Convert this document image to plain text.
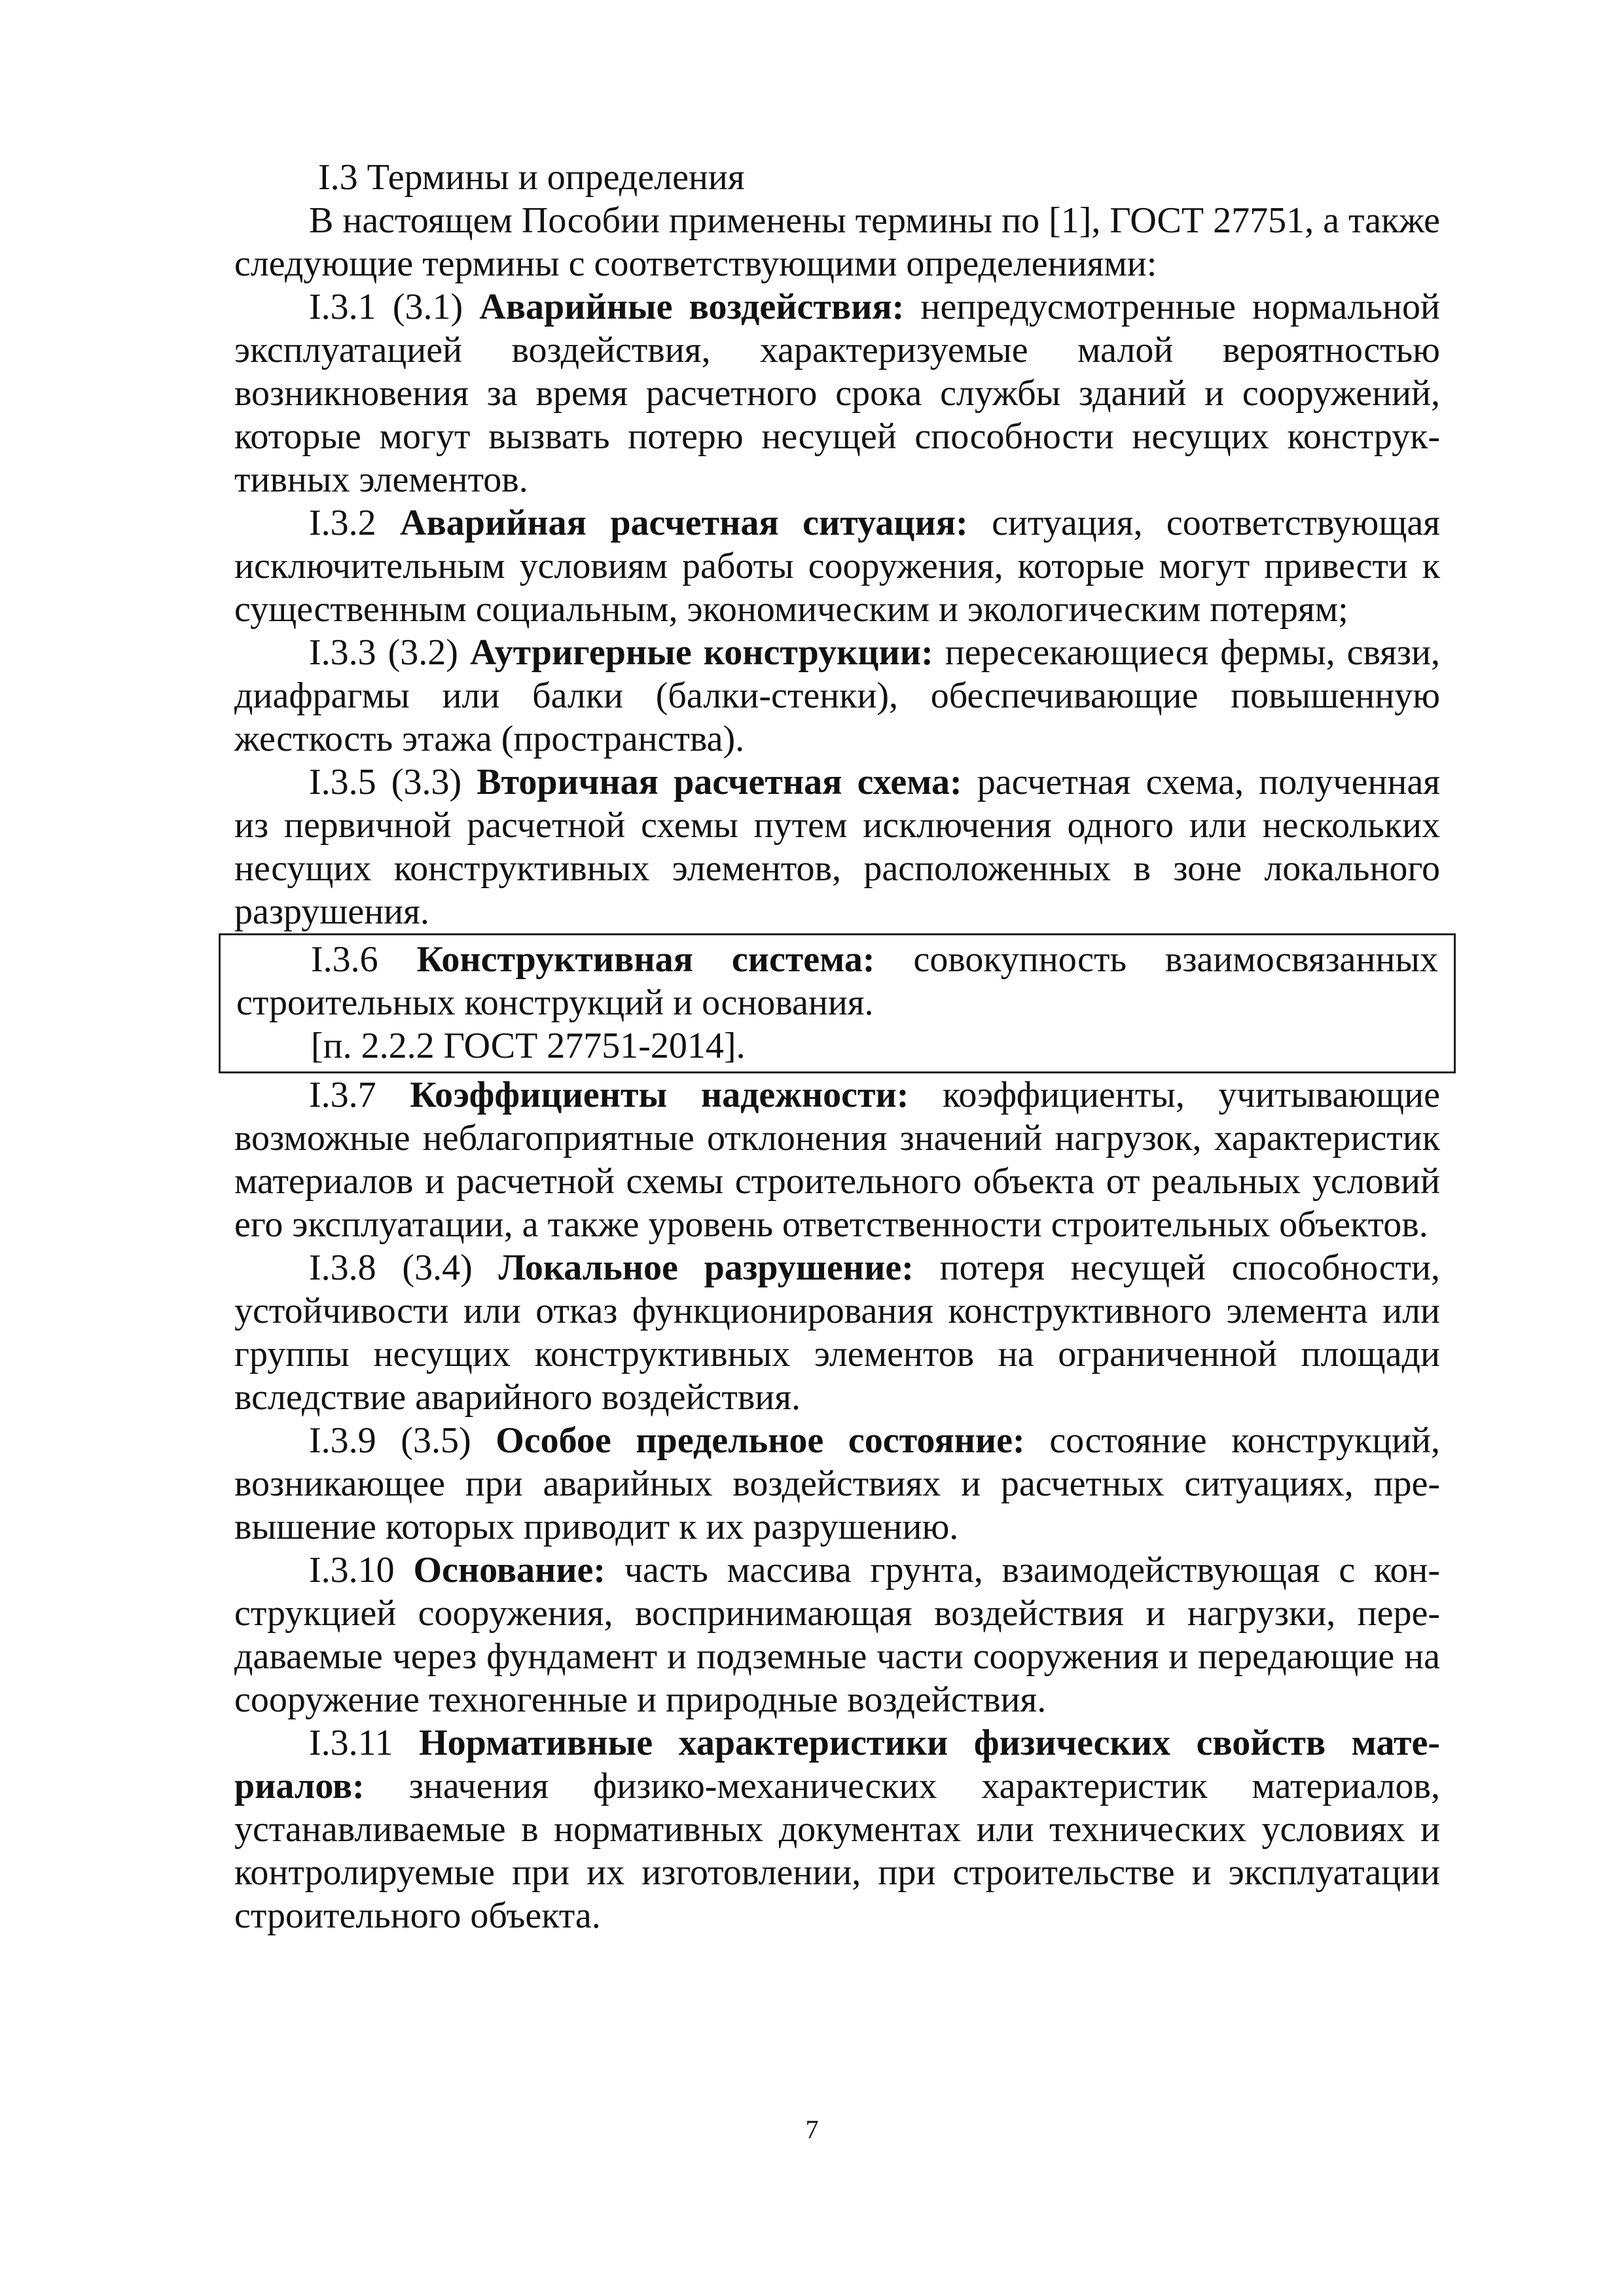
I.3 Термины и определения

В настоящем Пособии применены термины по [1], ГОСТ 27751, а также следующие термины с соответствующими определениями:

I.3.1 (3.1) Аварийные воздействия: непредусмотренные нормальной эксплуатацией воздействия, характеризуемые малой вероятностью возникновения за время расчетного срока службы зданий и сооружений, которые могут вызвать потерю несущей способности несущих конструктивных элементов.

I.3.2 Аварийная расчетная ситуация: ситуация, соответствующая исключительным условиям работы сооружения, которые могут привести к существенным социальным, экономическим и экологическим потерям;

I.3.3 (3.2) Аутригерные конструкции: пересекающиеся фермы, связи, диафрагмы или балки (балки-стенки), обеспечивающие повышенную жесткость этажа (пространства).

I.3.5 (3.3) Вторичная расчетная схема: расчетная схема, полученная из первичной расчетной схемы путем исключения одного или нескольких несущих конструктивных элементов, расположенных в зоне локального разрушения.

I.3.6 Конструктивная система: совокупность взаимосвязанных строительных конструкций и основания.

[п. 2.2.2 ГОСТ 27751-2014].

I.3.7 Коэффициенты надежности: коэффициенты, учитывающие возможные неблагоприятные отклонения значений нагрузок, характеристик материалов и расчетной схемы строительного объекта от реальных условий его эксплуатации, а также уровень ответственности строительных объектов.

I.3.8 (3.4) Локальное разрушение: потеря несущей способности, устойчивости или отказ функционирования конструктивного элемента или группы несущих конструктивных элементов на ограниченной площади вследствие аварийного воздействия.

I.3.9 (3.5) Особое предельное состояние: состояние конструкций, возникающее при аварийных воздействиях и расчетных ситуациях, превышение которых приводит к их разрушению.

I.3.10 Основание: часть массива грунта, взаимодействующая с конструкцией сооружения, воспринимающая воздействия и нагрузки, передаваемые через фундамент и подземные части сооружения и передающие на сооружение техногенные и природные воздействия.

I.3.11 Нормативные характеристики физических свойств материалов: значения физико-механических характеристик материалов, устанавливаемые в нормативных документах или технических условиях и контролируемые при их изготовлении, при строительстве и эксплуатации строительного объекта.

7
